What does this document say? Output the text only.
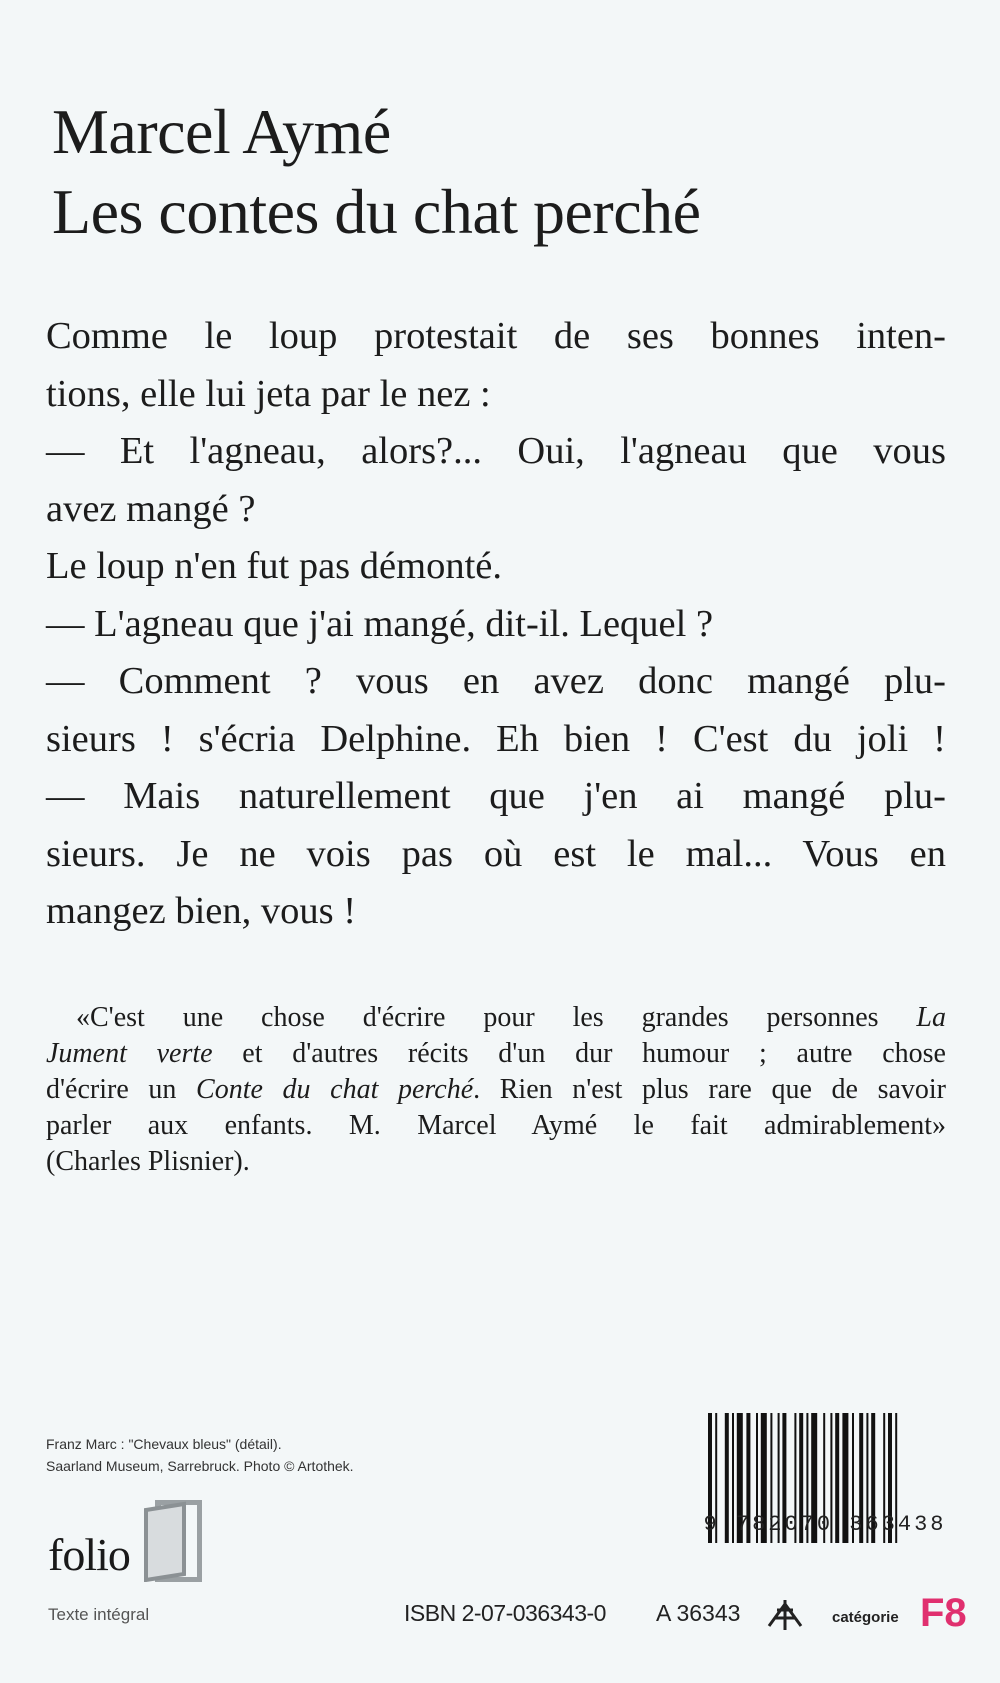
Marcel Aymé
Les contes du chat perché
Comme le loup protestait de ses bonnes inten-
tions, elle lui jeta par le nez :
— Et l'agneau, alors?... Oui, l'agneau que vous
avez mangé ?
Le loup n'en fut pas démonté.
— L'agneau que j'ai mangé, dit-il. Lequel ?
— Comment ? vous en avez donc mangé plu-
sieurs ! s'écria Delphine. Eh bien ! C'est du joli !
— Mais naturellement que j'en ai mangé plu-
sieurs. Je ne vois pas où est le mal... Vous en
mangez bien, vous !
«C'est une chose d'écrire pour les grandes personnes La
Jument verte et d'autres récits d'un dur humour ; autre chose
d'écrire un Conte du chat perché. Rien n'est plus rare que de savoir
parler aux enfants. M. Marcel Aymé le fait admirablement»
(Charles Plisnier).
Franz Marc : "Chevaux bleus" (détail).
Saarland Museum, Sarrebruck. Photo © Artothek.
folio
Texte intégral
9 782070 363438
ISBN 2-07-036343-0 A 36343	catégorie F8
